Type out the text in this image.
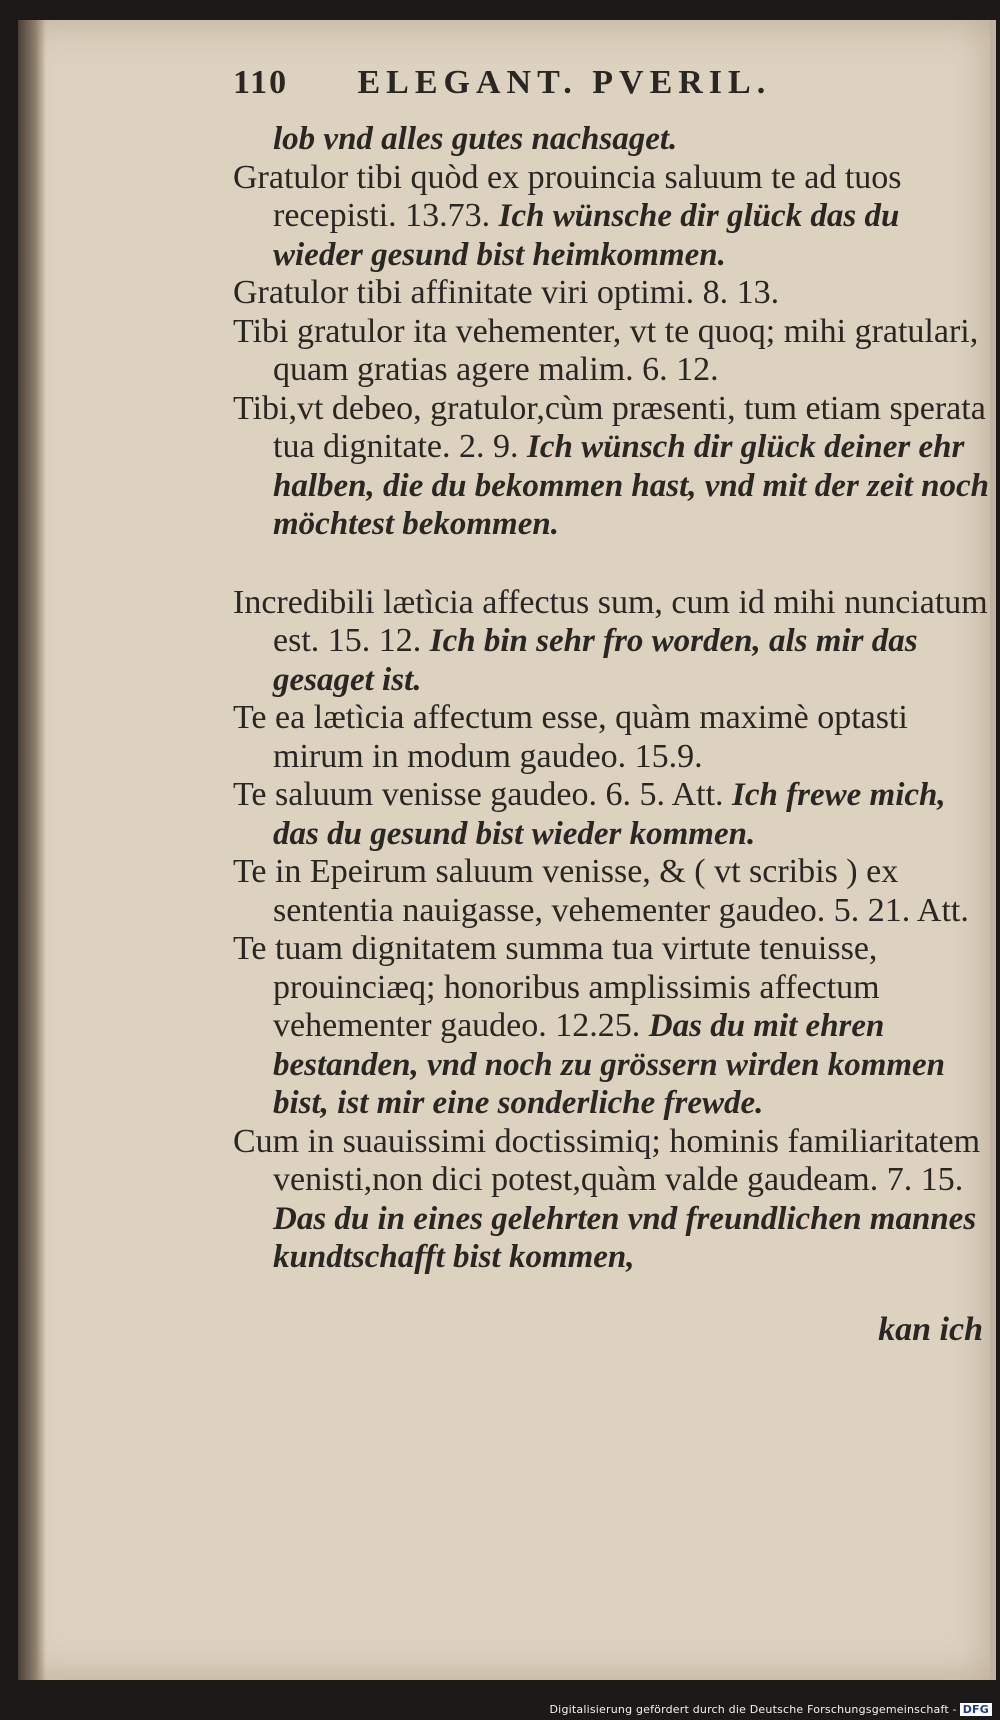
110 ELEGANT. PVERIL.

lob vnd alles gutes nachsaget.

Gratulor tibi quòd ex prouincia saluum te ad tuos recepisti. 13.73. Ich wünsche dir glück das du wieder gesund bist heimkommen.

Gratulor tibi affinitate viri optimi. 8. 13.

Tibi gratulor ita vehementer, vt te quoq; mihi gratulari, quam gratias agere malim. 6. 12.

Tibi,vt debeo, gratulor,cùm præsenti, tum etiam sperata tua dignitate. 2. 9. Ich wünsch dir glück deiner ehr halben, die du bekommen hast, vnd mit der zeit noch möchtest bekommen.

Incredibili lætìcia affectus sum, cum id mihi nunciatum est. 15. 12. Ich bin sehr fro worden, als mir das gesaget ist.

Te ea lætìcia affectum esse, quàm maximè optasti mirum in modum gaudeo. 15.9.

Te saluum venisse gaudeo. 6. 5. Att. Ich frewe mich, das du gesund bist wieder kommen.

Te in Epeirum saluum venisse, & ( vt scribis ) ex sententia nauigasse, vehementer gaudeo. 5. 21. Att.

Te tuam dignitatem summa tua virtute tenuisse, prouinciæq; honoribus amplissimis affectum vehementer gaudeo. 12.25. Das du mit ehren bestanden, vnd noch zu grössern wirden kommen bist, ist mir eine sonderliche frewde.

Cum in suauissimi doctissimiq; hominis familiaritatem venisti,non dici potest,quàm valde gaudeam. 7. 15. Das du in eines gelehrten vnd freundlichen mannes kundtschafft bist kommen,

kan ich

Digitalisierung gefördert durch die Deutsche Forschungsgemeinschaft - DFG
